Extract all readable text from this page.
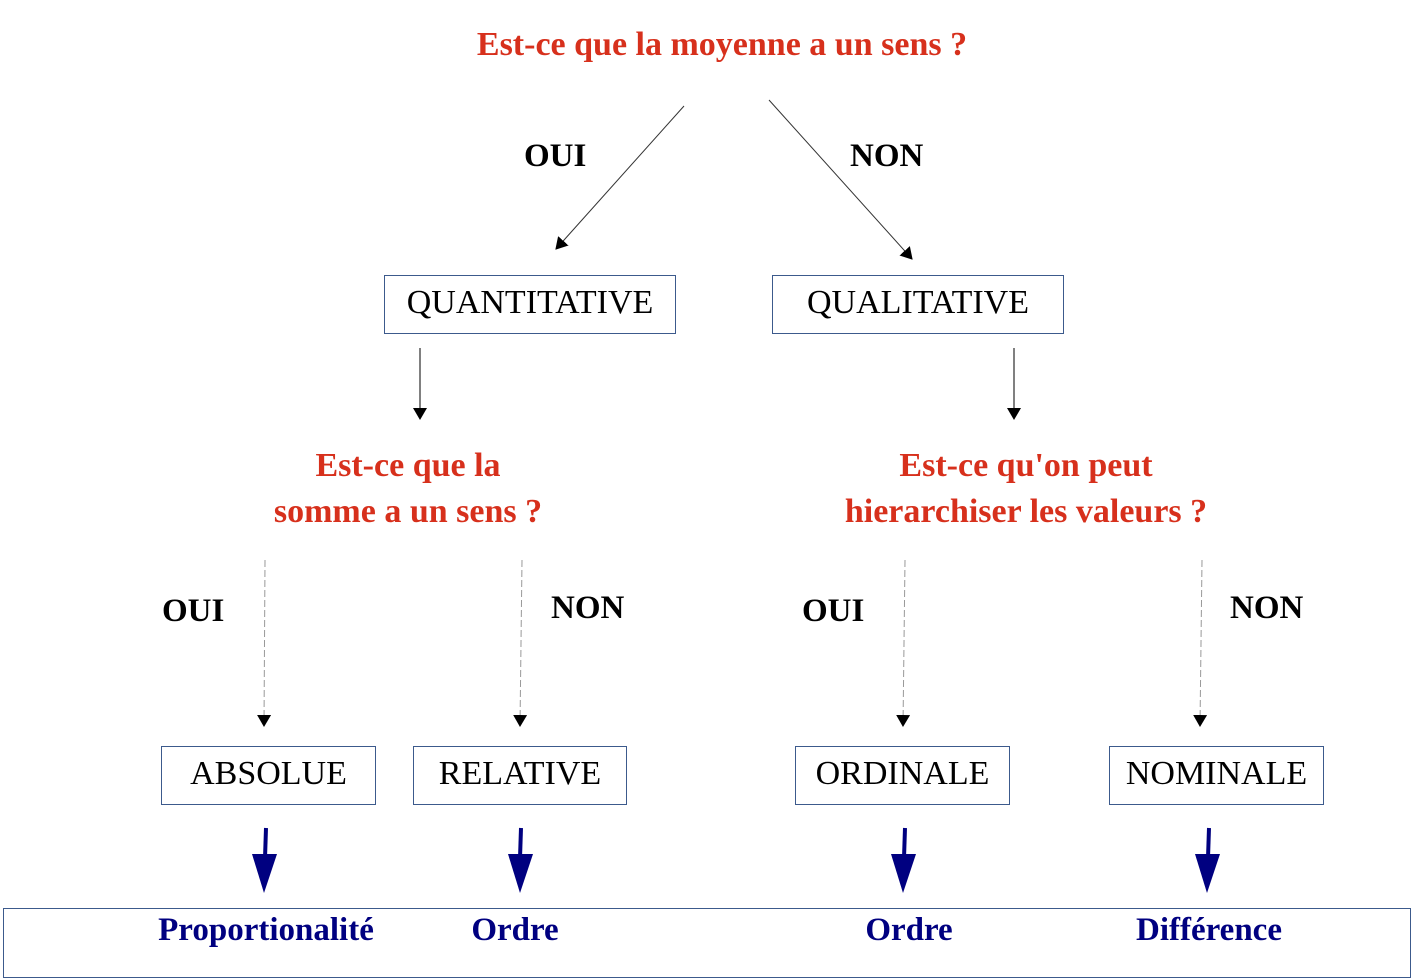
Est-ce que la moyenne a un sens ?
OUI	NON
QUANTITATIVE	QUALITATIVE
Est-ce que la
somme a un sens ?
Est-ce qu'on peut
hierarchiser les valeurs ?
OUI	NON	OUI	NON
ABSOLUE	RELATIVE	ORDINALE	NOMINALE
Proportionalité	Ordre	Ordre	Différence
